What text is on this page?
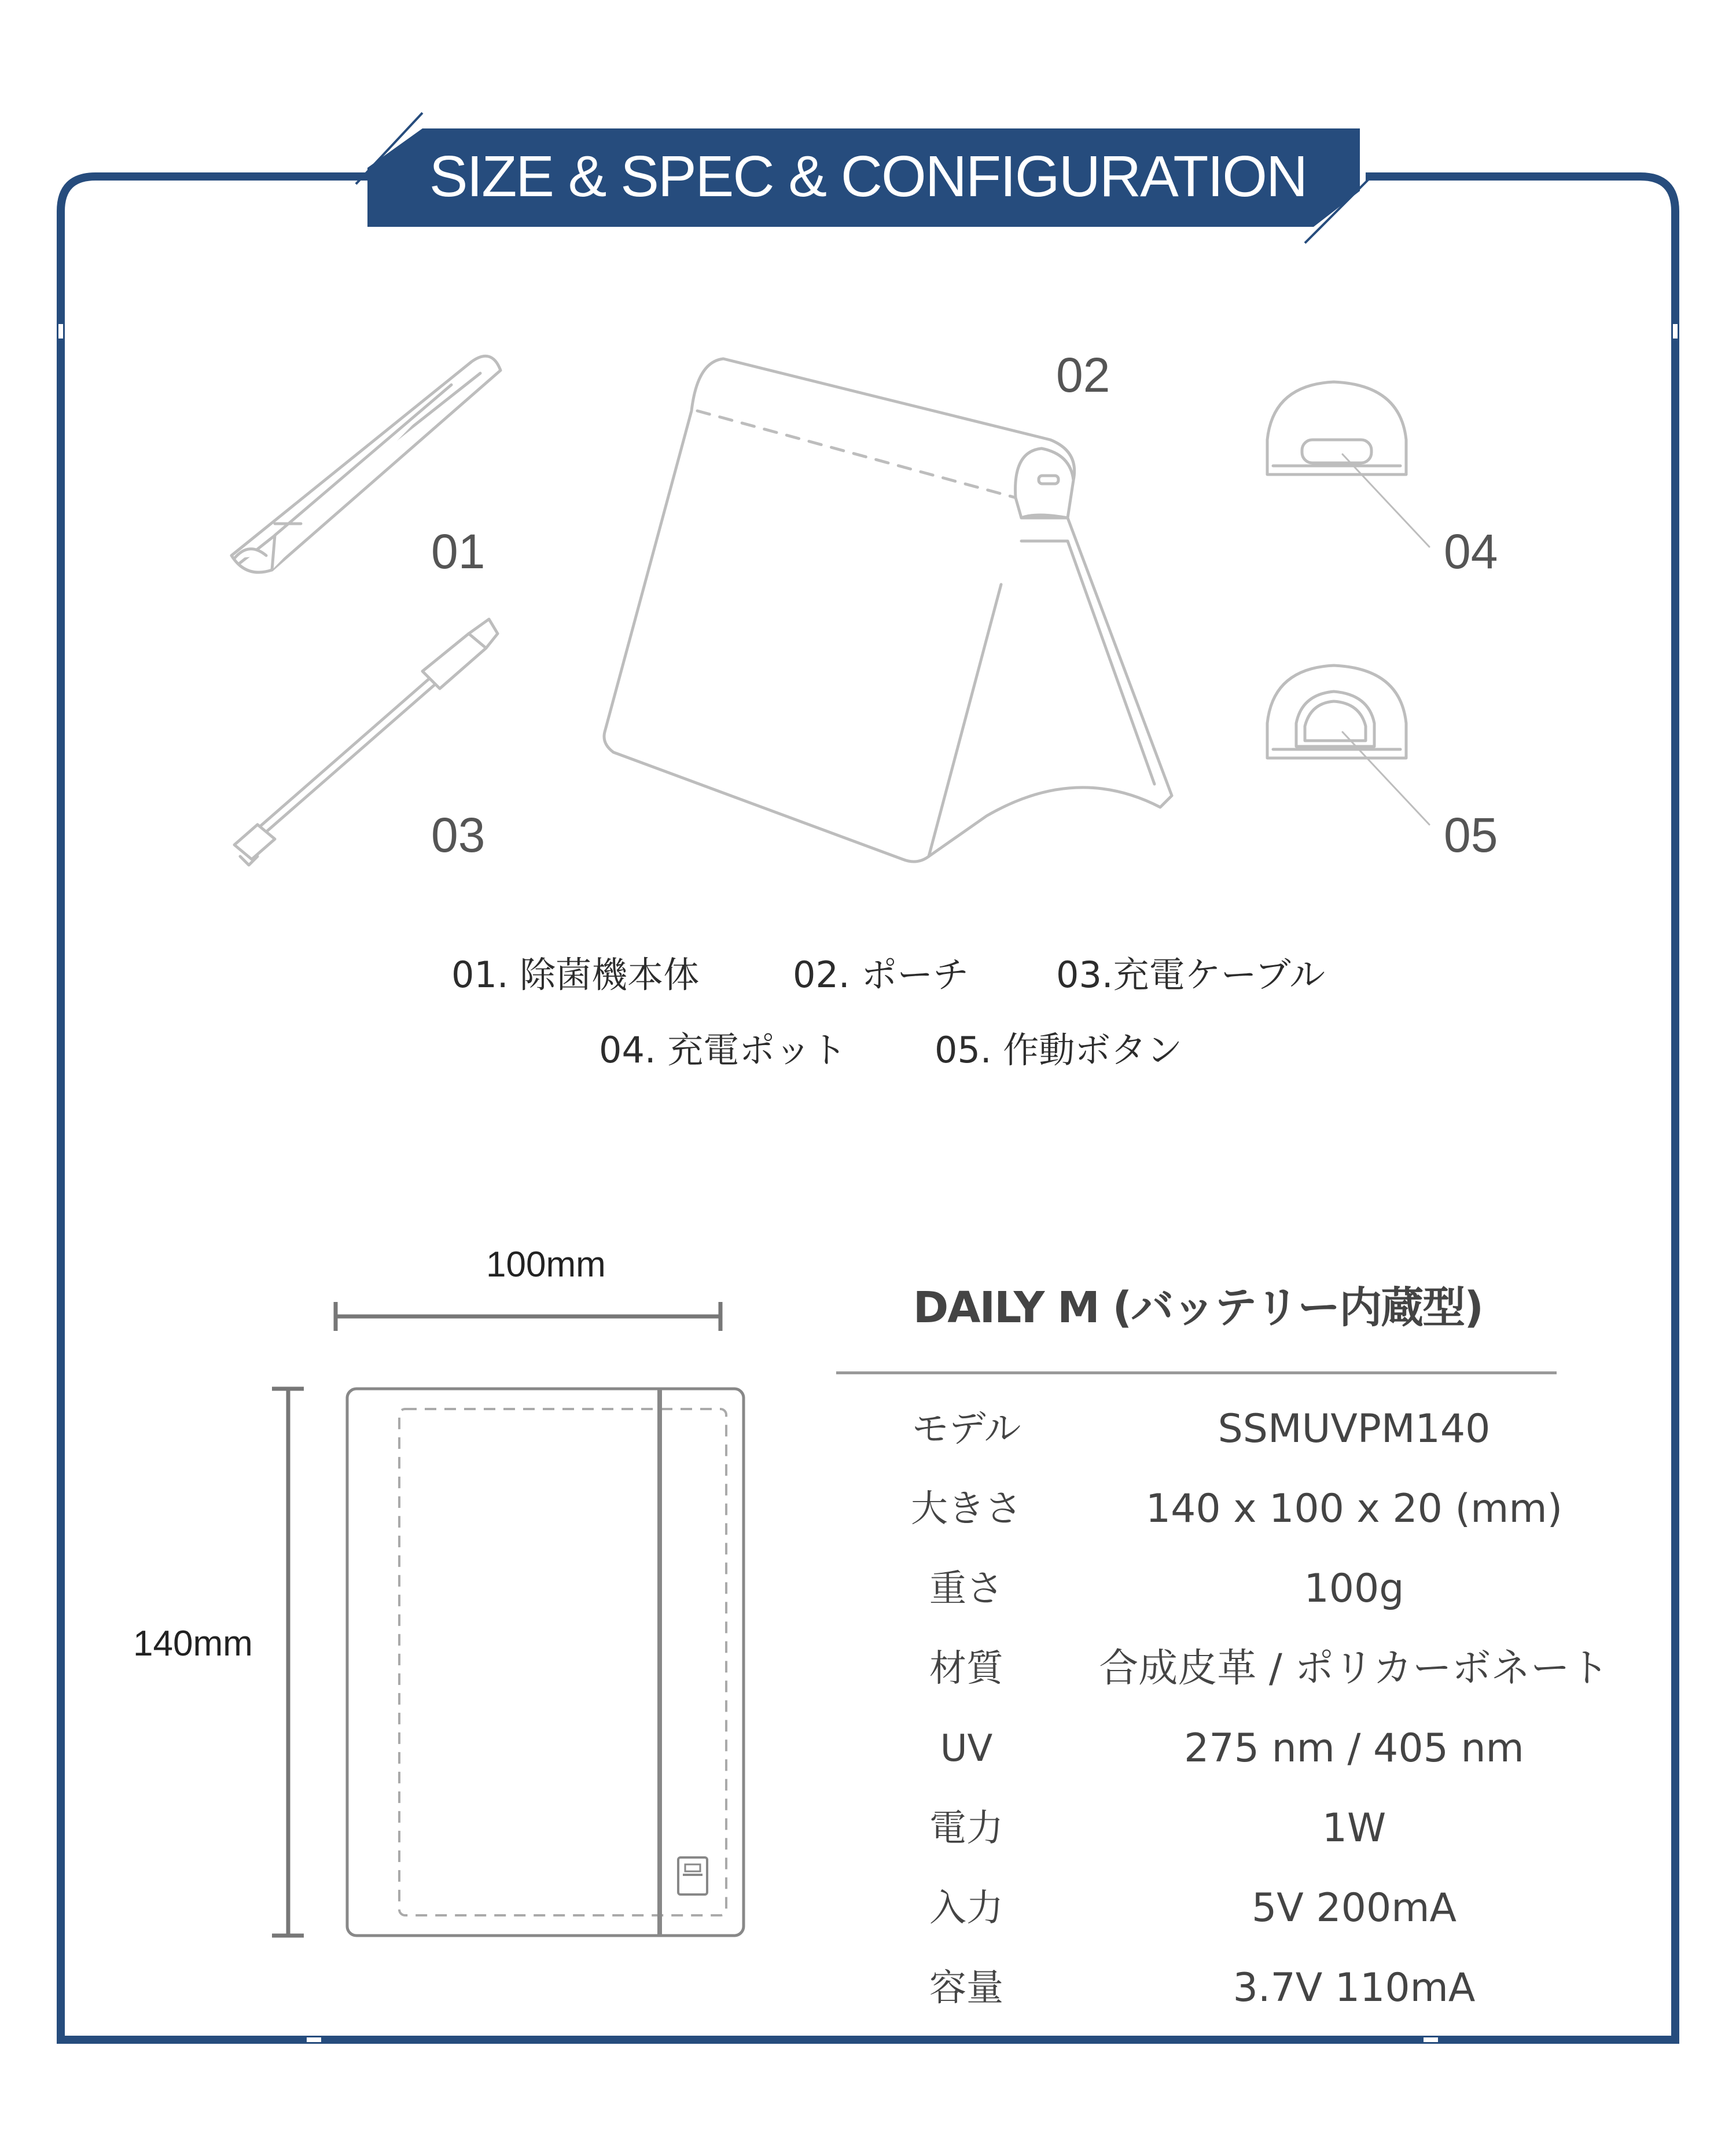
SIZE & SPEC & CONFIGURATION
01
02
03
04
05
01. 除菌機本体	02. ポーチ 03.充電ケーブル
04. 充電ポット 05. 作動ボタン
100mm
140mm
DAILY M (バッテリー内蔵型)
モデル	SSMUVPM140
大きさ	140 x 100 x 20 (mm)
重さ	100g
材質	合成皮革 / ポリカーボネート
UV	275 nm / 405 nm
電力	1W
入力	5V 200mA
容量	3.7V 110mA
